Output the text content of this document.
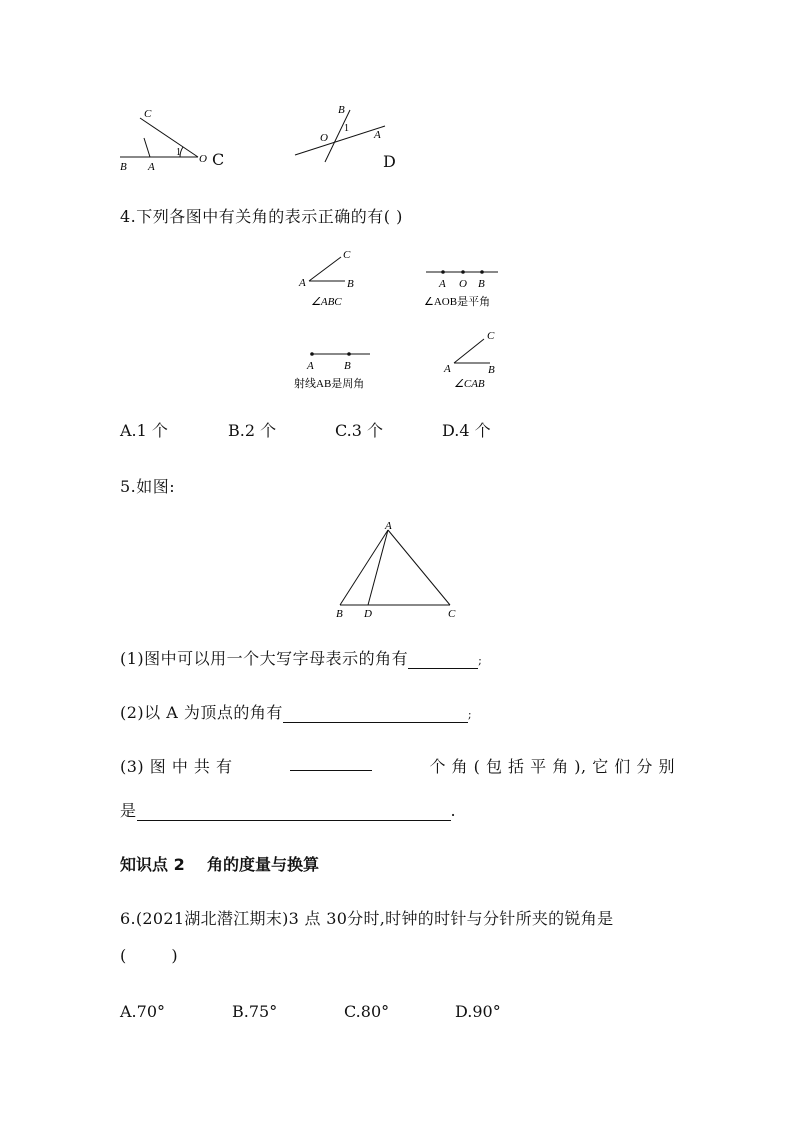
C
B A
1
O C
B
O
1
A
D
4.下列各图中有关角的表示正确的有( )
C
A	B
∠ABC
A O B
∠AOB是平角
A	B
射线AB是周角
C
A	B
∠CAB
A.1 个	B.2 个	C.3 个	D.4 个
5.如图:
A
B D	C
(1)图中可以用一个大写字母表示的角有	;
(2)以 A 为顶点的角有	;
(3) 图 中 共 有	个 角 ( 包 括 平 角 ), 它 们 分 别
是	.
知识点 2    角的度量与换算
6.(2021湖北潜江期末)3 点 30分时,时钟的时针与分针所夹的锐角是
(        )
A.70°	B.75°	C.80°	D.90°
